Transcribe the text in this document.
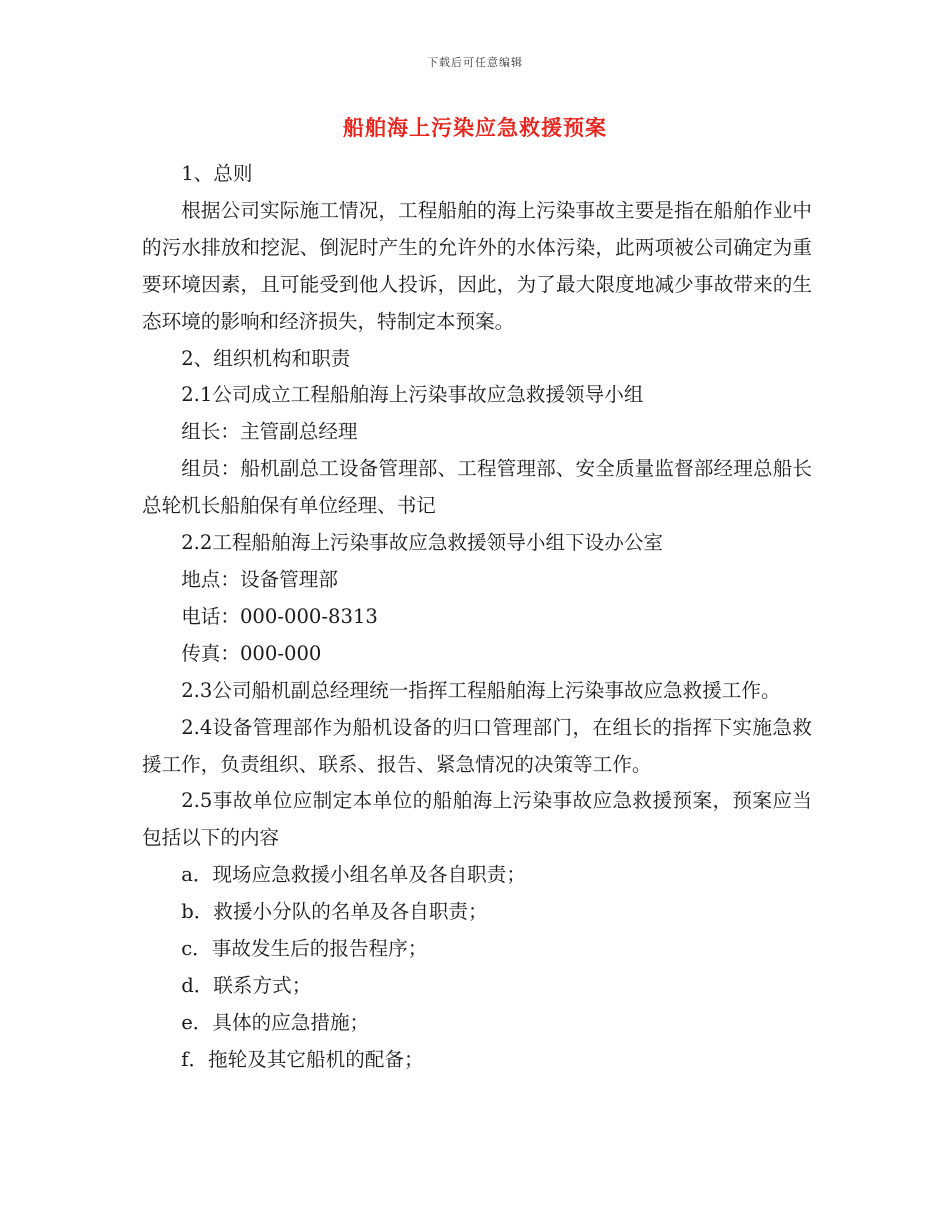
下载后可任意编辑
船舶海上污染应急救援预案

1、总则

根据公司实际施工情况，工程船舶的海上污染事故主要是指在船舶作业中的污水排放和挖泥、倒泥时产生的允许外的水体污染，此两项被公司确定为重要环境因素，且可能受到他人投诉，因此，为了最大限度地减少事故带来的生态环境的影响和经济损失，特制定本预案。

2、组织机构和职责

2.1公司成立工程船舶海上污染事故应急救援领导小组

组长：主管副总经理

组员：船机副总工设备管理部、工程管理部、安全质量监督部经理总船长总轮机长船舶保有单位经理、书记

2.2工程船舶海上污染事故应急救援领导小组下设办公室

地点：设备管理部

电话：000-000-8313

传真：000-000

2.3公司船机副总经理统一指挥工程船舶海上污染事故应急救援工作。

2.4设备管理部作为船机设备的归口管理部门，在组长的指挥下实施急救援工作，负责组织、联系、报告、紧急情况的决策等工作。

2.5事故单位应制定本单位的船舶海上污染事故应急救援预案，预案应当包括以下的内容

a．现场应急救援小组名单及各自职责；

b．救援小分队的名单及各自职责；

c．事故发生后的报告程序；

d．联系方式；

e．具体的应急措施；

f．拖轮及其它船机的配备；
